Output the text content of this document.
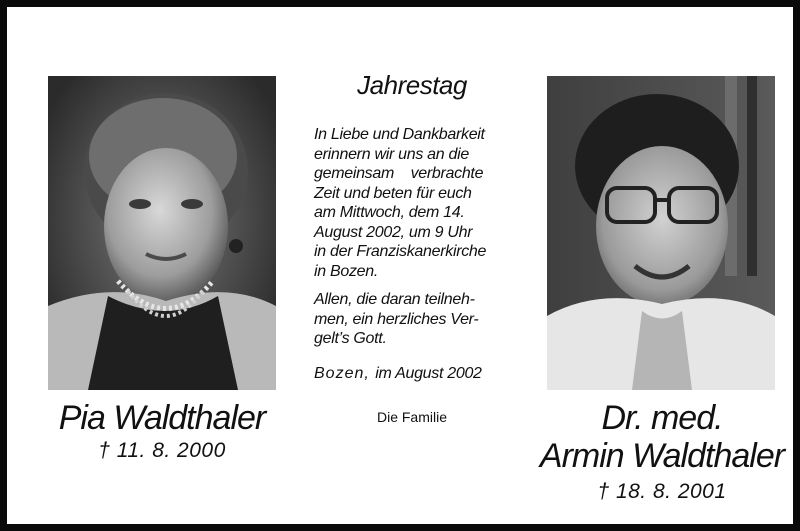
Pia Waldthaler
† 11. 8. 2000
Dr. med.
Armin Waldthaler
† 18. 8. 2001
Jahrestag
In Liebe und Dankbarkeit
erinnern wir uns an die
gemeinsam    verbrachte
Zeit und beten für euch
am Mittwoch, dem 14.
August 2002, um 9 Uhr
in der Franziskanerkirche
in Bozen.
Allen, die daran teilneh-
men, ein herzliches Ver-
gelt’s Gott.
Bozen, im August 2002
Die Familie
